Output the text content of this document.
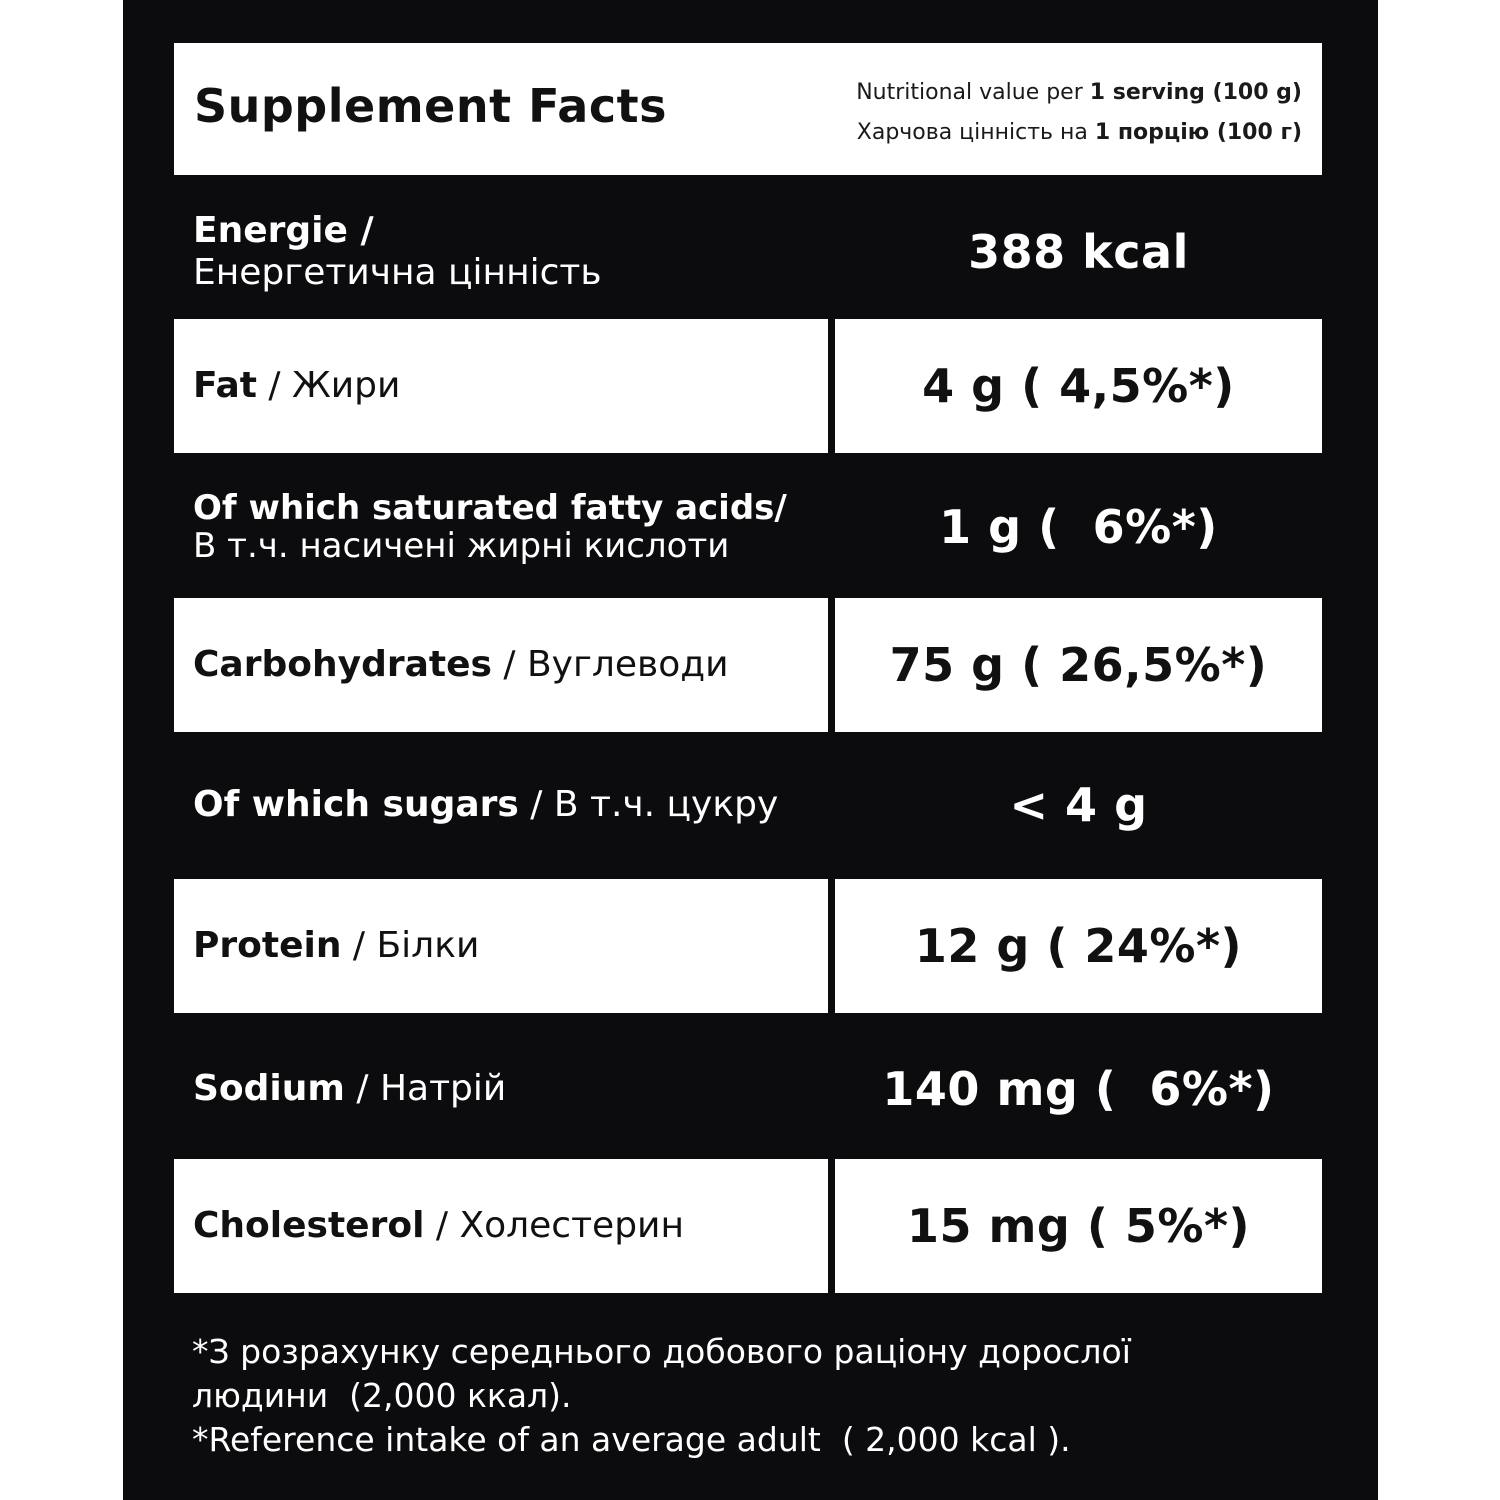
Supplement Facts	Nutritional value per 1 serving (100 g)
Харчова цінність на 1 порцію (100 г)
Energie /
Енергетична цінність	388 kcal
Fat / Жири	4 g ( 4,5%*)
Of which saturated fatty acids/
В т.ч. насичені жирні кислоти	1 g (  6%*)
Carbohydrates / Вуглеводи	75 g ( 26,5%*)
Of which sugars / В т.ч. цукру	< 4 g
Protein / Білки	12 g ( 24%*)
Sodium / Натрій	140 mg (  6%*)
Cholesterol / Холестерин	15 mg ( 5%*)
*З розрахунку середнього добового раціону дорослої
людини  (2,000 ккал).
*Reference intake of an average adult  ( 2,000 kcal ).
